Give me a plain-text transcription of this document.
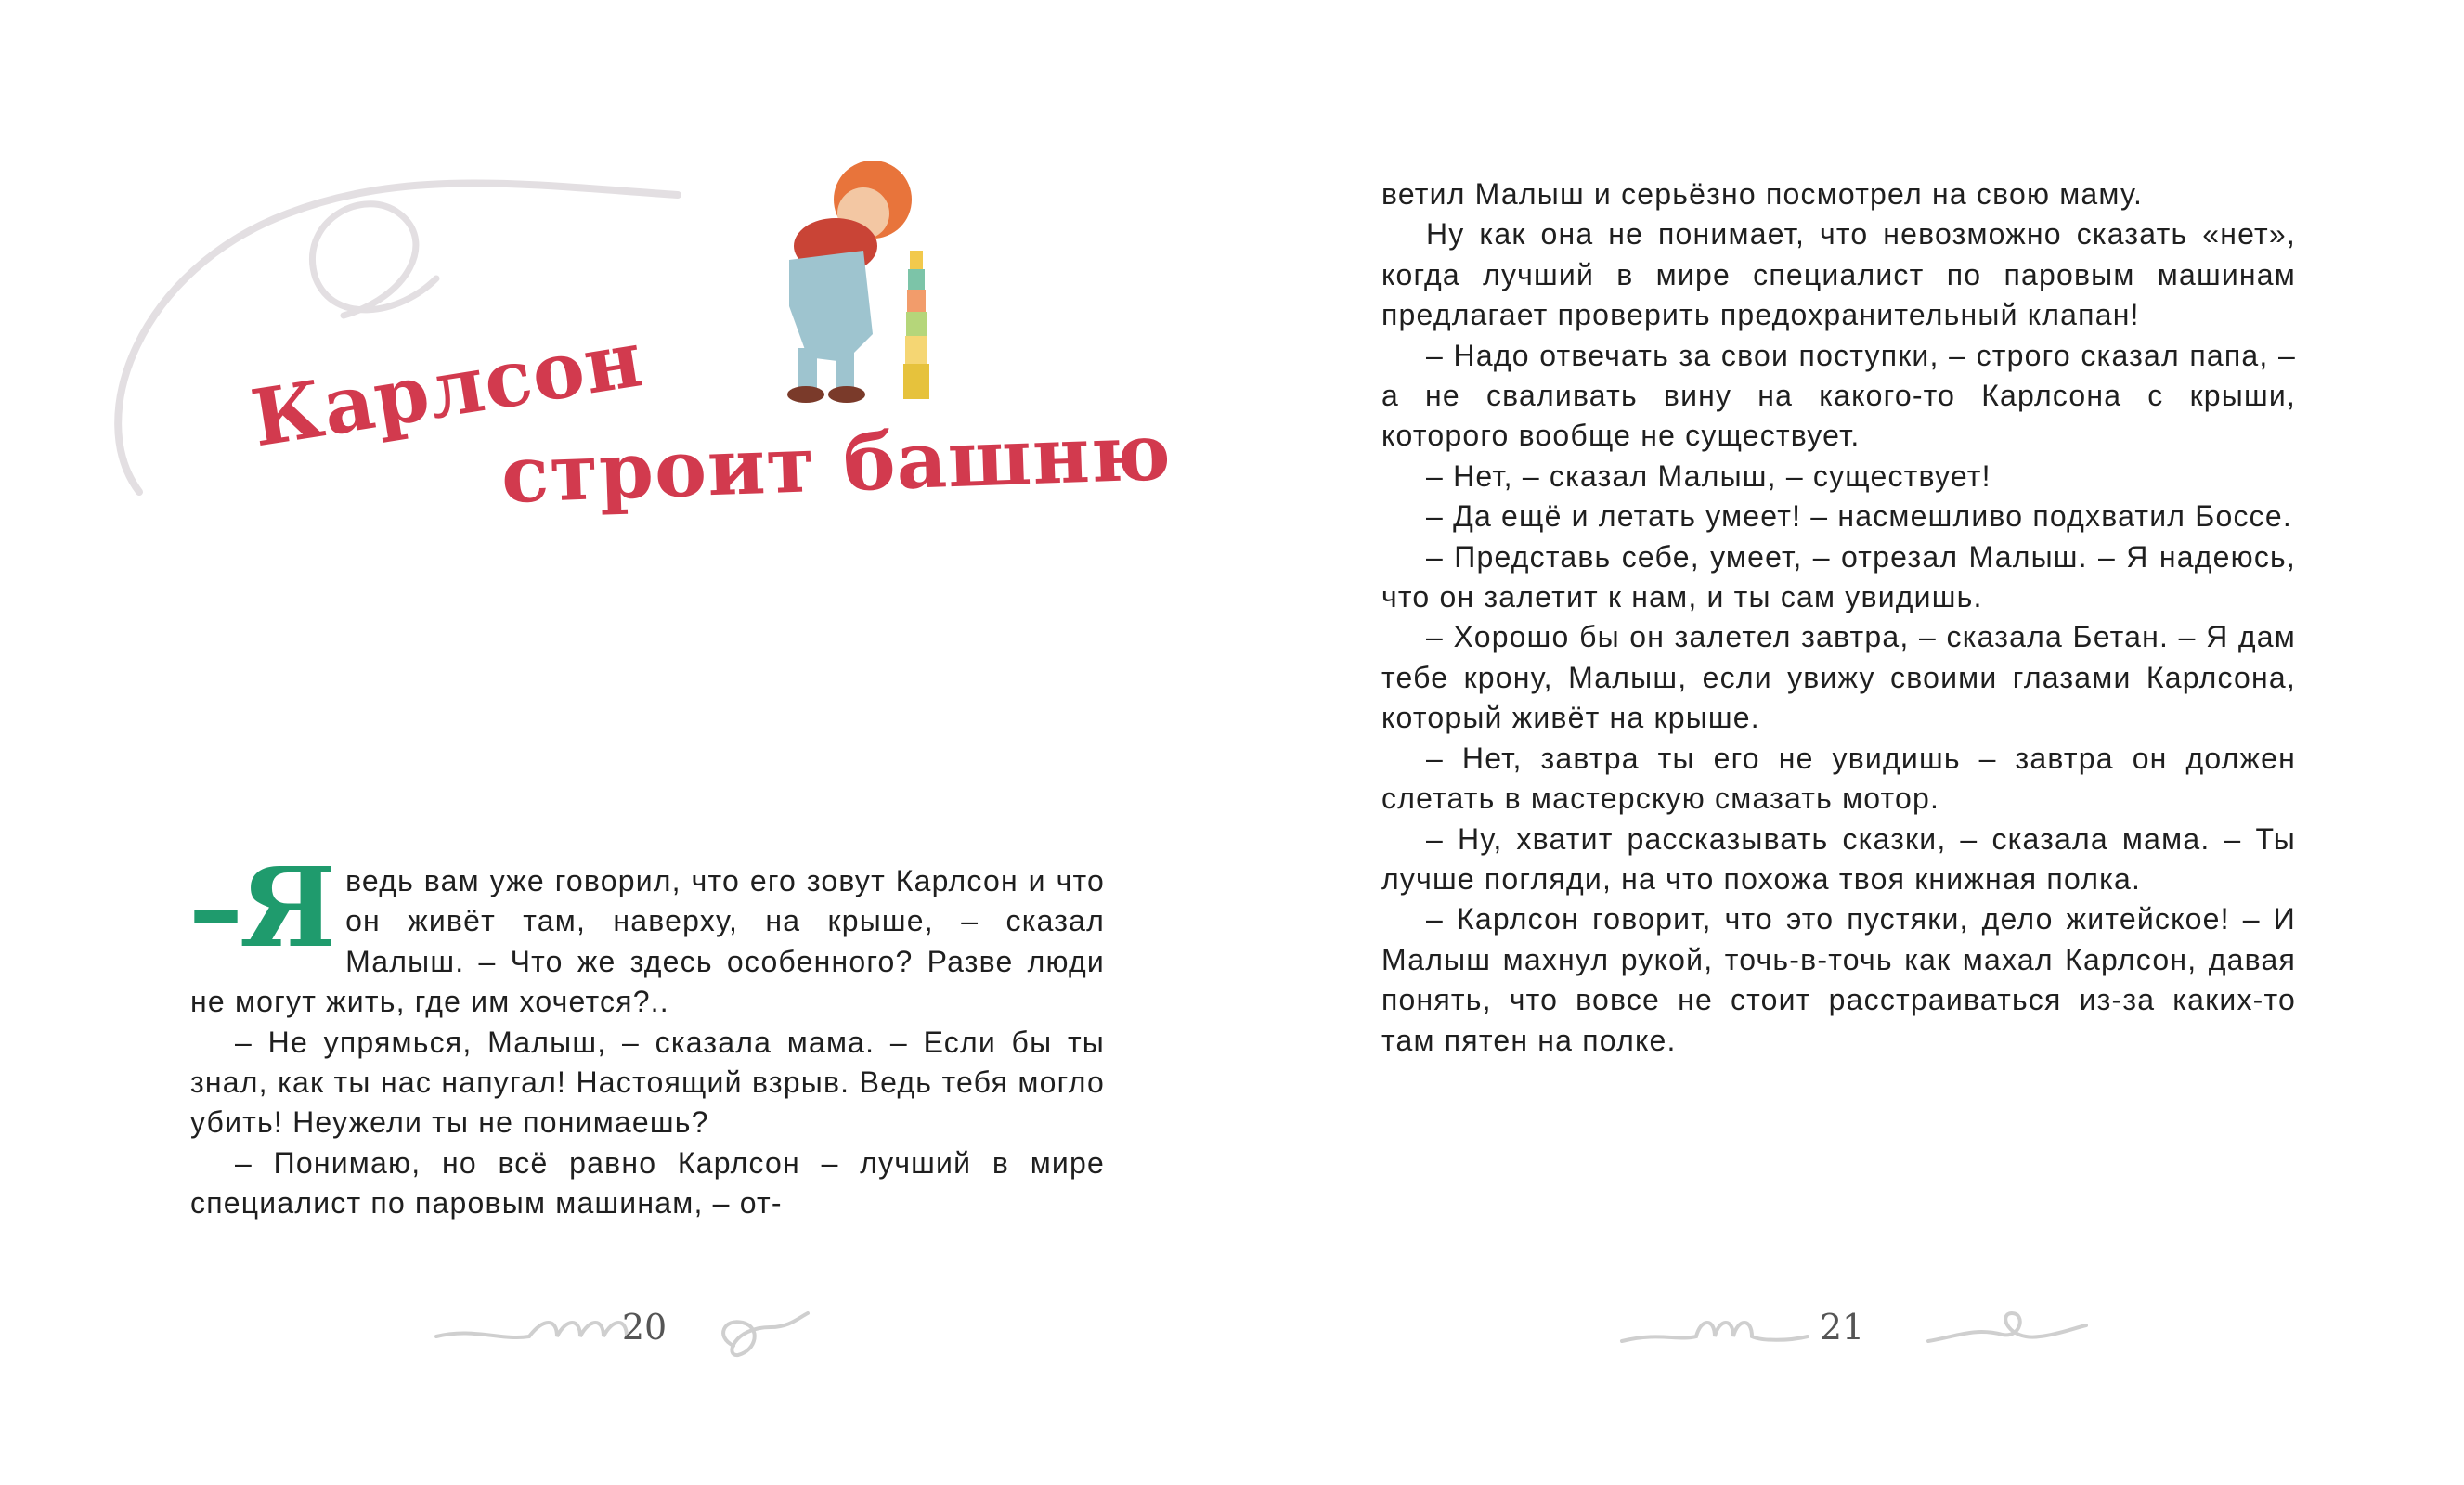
Карлсон
строит башню
–Я ведь вам уже говорил, что его зовут Карлсон и что он живёт там, наверху, на крыше, – сказал Малыш. – Что же здесь особенного? Разве люди не могут жить, где им хочется?..

– Не упрямься, Малыш, – сказала мама. – Если бы ты знал, как ты нас напугал! Настоящий взрыв. Ведь тебя могло убить! Неужели ты не понимаешь?

– Понимаю, но всё равно Карлсон – лучший в мире специалист по паровым машинам, – от-

20

ветил Малыш и серьёзно посмотрел на свою маму.

Ну как она не понимает, что невозможно сказать «нет», когда лучший в мире специалист по паровым машинам предлагает проверить предохранительный клапан!

– Надо отвечать за свои поступки, – строго сказал папа, – а не сваливать вину на какого-то Карлсона с крыши, которого вообще не существует.

– Нет, – сказал Малыш, – существует!

– Да ещё и летать умеет! – насмешливо подхватил Боссе.

– Представь себе, умеет, – отрезал Малыш. – Я надеюсь, что он залетит к нам, и ты сам увидишь.

– Хорошо бы он залетел завтра, – сказала Бетан. – Я дам тебе крону, Малыш, если увижу своими глазами Карлсона, который живёт на крыше.

– Нет, завтра ты его не увидишь – завтра он должен слетать в мастерскую смазать мотор.

– Ну, хватит рассказывать сказки, – сказала мама. – Ты лучше погляди, на что похожа твоя книжная полка.

– Карлсон говорит, что это пустяки, дело житейское! – И Малыш махнул рукой, точь-в-точь как махал Карлсон, давая понять, что вовсе не стоит расстраиваться из-за каких-то там пятен на полке.

21
